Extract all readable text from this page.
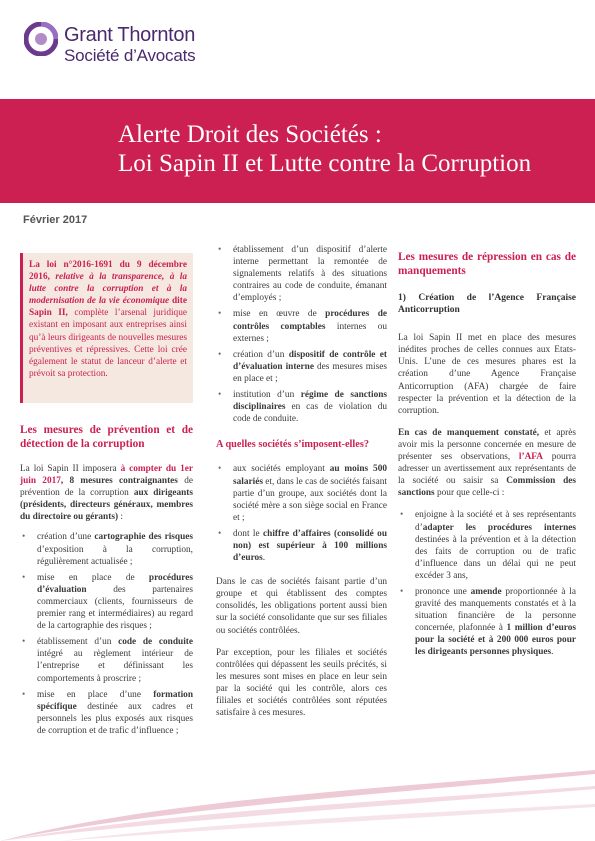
Grant Thornton
Société d’Avocats
Alerte Droit des Sociétés :
Loi Sapin II et Lutte contre la Corruption
Février 2017
La loi n°2016-1691 du 9 décembre 2016, relative à la transparence, à la lutte contre la corruption et à la modernisation de la vie économique dite Sapin II, complète l’arsenal juridique existant en imposant aux entreprises ainsi qu’à leurs dirigeants de nouvelles mesures préventives et répressives. Cette loi crée également le statut de lanceur d’alerte et prévoit sa protection.
Les mesures de prévention et de détection de la corruption

La loi Sapin II imposera à compter du 1er juin 2017, 8 mesures contraignantes de prévention de la corruption aux dirigeants (présidents, directeurs généraux, membres du directoire ou gérants) :

• création d’une cartographie des risques d’exposition à la corruption, régulièrement actualisée ;
• mise en place de procédures d’évaluation des partenaires commerciaux (clients, fournisseurs de premier rang et intermédiaires) au regard de la cartographie des risques ;
• établissement d’un code de conduite intégré au règlement intérieur de l’entreprise et définissant les comportements à proscrire ;
• mise en place d’une formation spécifique destinée aux cadres et personnels les plus exposés aux risques de corruption et de trafic d’influence ;
• établissement d’un dispositif d’alerte interne permettant la remontée de signalements relatifs à des situations contraires au code de conduite, émanant d’employés ;
• mise en œuvre de procédures de contrôles comptables internes ou externes ;
• création d’un dispositif de contrôle et d’évaluation interne des mesures mises en place et ;
• institution d’un régime de sanctions disciplinaires en cas de violation du code de conduite.
A quelles sociétés s’imposent-elles?
• aux sociétés employant au moins 500 salariés et, dans le cas de sociétés faisant partie d’un groupe, aux sociétés dont la société mère a son siège social en France et ;
• dont le chiffre d’affaires (consolidé ou non) est supérieur à 100 millions d’euros.

Dans le cas de sociétés faisant partie d’un groupe et qui établissent des comptes consolidés, les obligations portent aussi bien sur la société consolidante que sur ses filiales ou sociétés contrôlées.

Par exception, pour les filiales et sociétés contrôlées qui dépassent les seuils précités, si les mesures sont mises en place en leur sein par la société qui les contrôle, alors ces filiales et sociétés contrôlées sont réputées satisfaire à ces mesures.

Les mesures de répression en cas de manquements
1) Création de l’Agence Française Anticorruption

La loi Sapin II met en place des mesures inédites proches de celles connues aux Etats-Unis. L’une de ces mesures phares est la création d’une Agence Française Anticorruption (AFA) chargée de faire respecter la prévention et la détection de la corruption.

En cas de manquement constaté, et après avoir mis la personne concernée en mesure de présenter ses observations, l’AFA pourra adresser un avertissement aux représentants de la société ou saisir sa Commission des sanctions pour que celle-ci :

• enjoigne à la société et à ses représentants d’adapter les procédures internes destinées à la prévention et à la détection des faits de corruption ou de trafic d’influence dans un délai qui ne peut excéder 3 ans,
• prononce une amende proportionnée à la gravité des manquements constatés et à la situation financière de la personne concernée, plafonnée à 1 million d’euros pour la société et à 200 000 euros pour les dirigeants personnes physiques.
